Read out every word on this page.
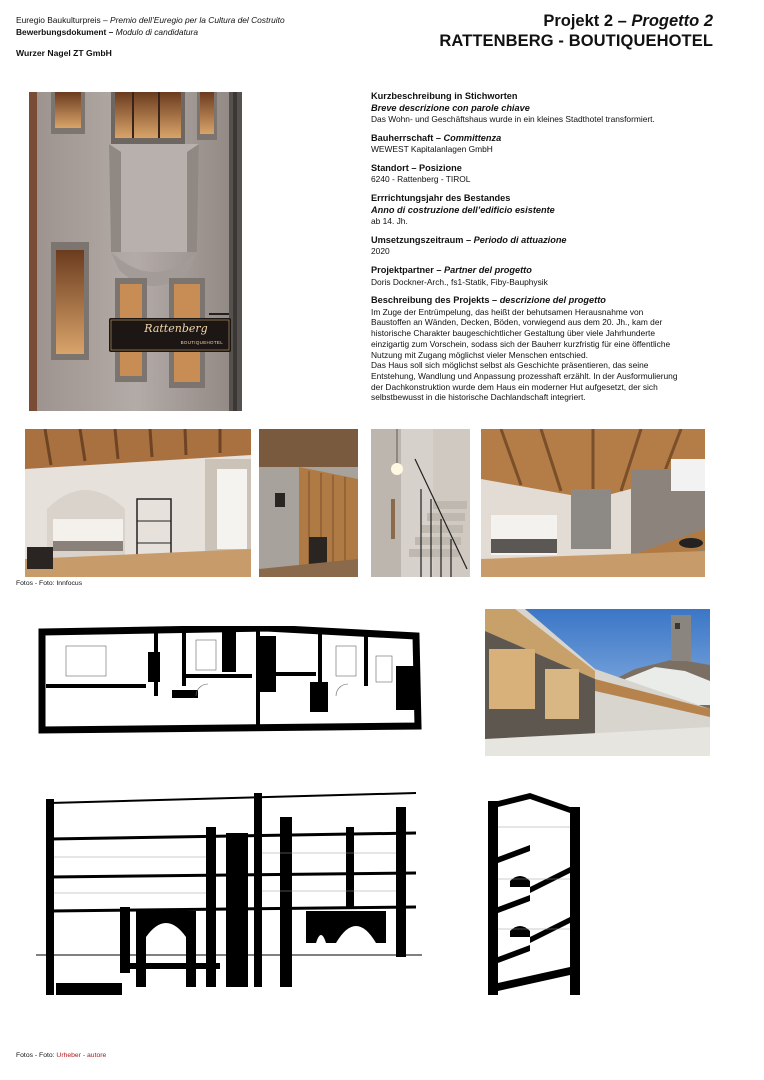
Euregio Baukulturpreis – Premio dell’Euregio per la Cultura del Costruito
Bewerbungsdokument – Modulo di candidatura
Wurzer Nagel ZT GmbH
Projekt 2 – Progetto 2
RATTENBERG - BOUTIQUEHOTEL
Rattenberg
BOUTIQUEHOTEL
Kurzbeschreibung in Stichworten
Breve descrizione con parole chiave
Das Wohn- und Geschäftshaus wurde in ein kleines Stadthotel transformiert.
Bauherrschaft – Committenza
WEWEST Kapitalanlagen GmbH
Standort – Posizione
6240 - Rattenberg - TIROL
Errrichtungsjahr des Bestandes
Anno di costruzione dell’edificio esistente
ab 14. Jh.
Umsetzungszeitraum – Periodo di attuazione
2020
Projektpartner – Partner del progetto
Doris Dockner-Arch., fs1-Statik, Fiby-Bauphysik
Beschreibung des Projekts – descrizione del progetto

Im Zuge der Entrümpelung, das heißt der behutsamen Herausnahme von

Baustoffen an Wänden, Decken, Böden, vorwiegend aus dem 20. Jh., kam der

historische Charakter baugeschichtlicher Gestaltung über viele Jahrhunderte

einzigartig zum Vorschein, sodass sich der Bauherr kurzfristig für eine öffentliche

Nutzung mit Zugang möglichst vieler Menschen entschied.

Das Haus soll sich möglichst selbst als Geschichte präsentieren, das seine

Entstehung, Wandlung und Anpassung prozesshaft erzählt. In der Ausformulierung

der Dachkonstruktion wurde dem Haus ein moderner Hut aufgesetzt, der sich

selbstbewusst in die historische Dachlandschaft integriert.

Fotos - Foto: Innfocus
Fotos - Foto: Urheber - autore
